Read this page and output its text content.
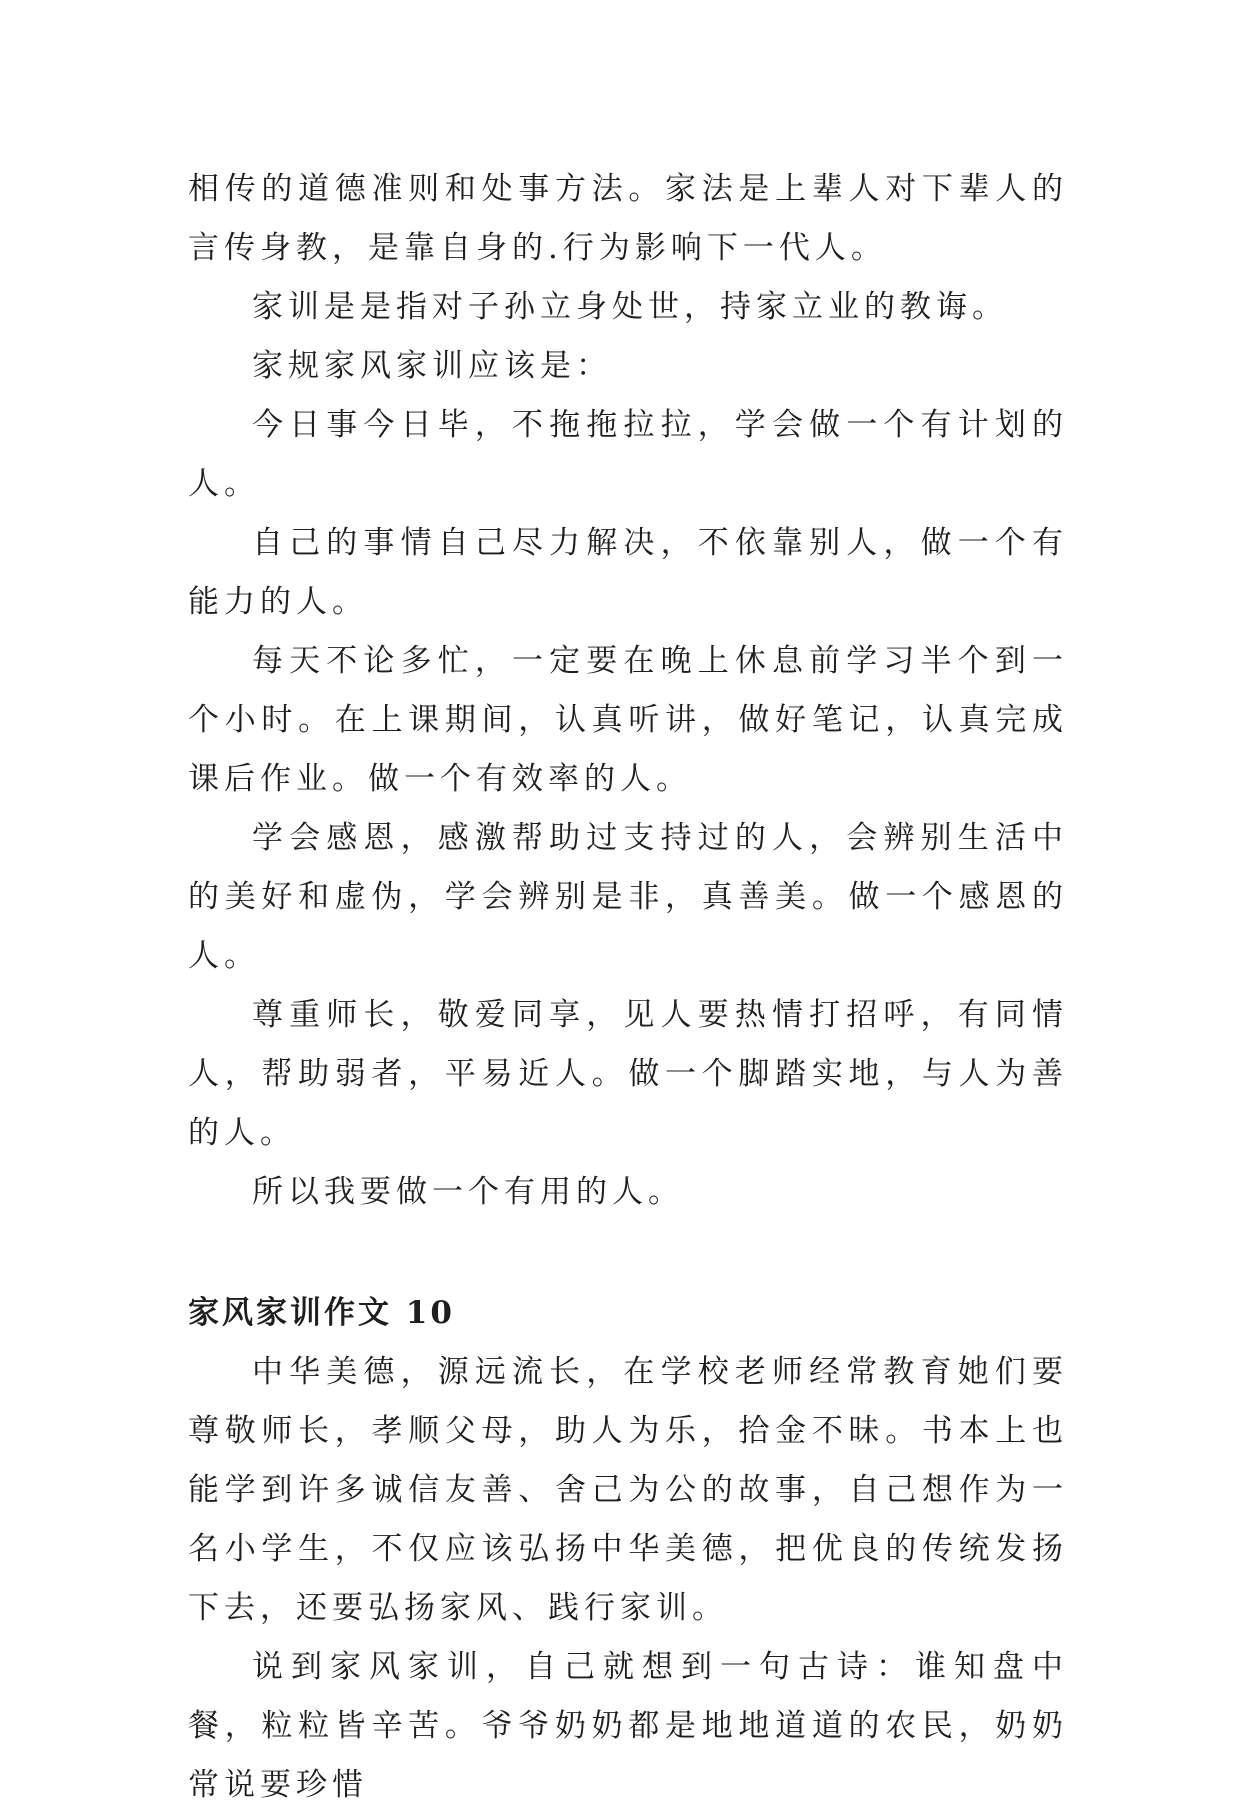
相传的道德准则和处事方法。家法是上辈人对下辈人的言传身教，是靠自身的.行为影响下一代人。

家训是是指对子孙立身处世，持家立业的教诲。

家规家风家训应该是：

今日事今日毕，不拖拖拉拉，学会做一个有计划的人。

自己的事情自己尽力解决，不依靠别人，做一个有能力的人。

每天不论多忙，一定要在晚上休息前学习半个到一个小时。在上课期间，认真听讲，做好笔记，认真完成课后作业。做一个有效率的人。

学会感恩，感激帮助过支持过的人，会辨别生活中的美好和虚伪，学会辨别是非，真善美。做一个感恩的人。

尊重师长，敬爱同享，见人要热情打招呼，有同情人，帮助弱者，平易近人。做一个脚踏实地，与人为善的人。

所以我要做一个有用的人。

家风家训作文 10

中华美德，源远流长，在学校老师经常教育她们要尊敬师长，孝顺父母，助人为乐，拾金不昧。书本上也能学到许多诚信友善、舍己为公的故事，自己想作为一名小学生，不仅应该弘扬中华美德，把优良的传统发扬下去，还要弘扬家风、践行家训。

说到家风家训，自己就想到一句古诗：谁知盘中餐，粒粒皆辛苦。爷爷奶奶都是地地道道的农民，奶奶常说要珍惜
